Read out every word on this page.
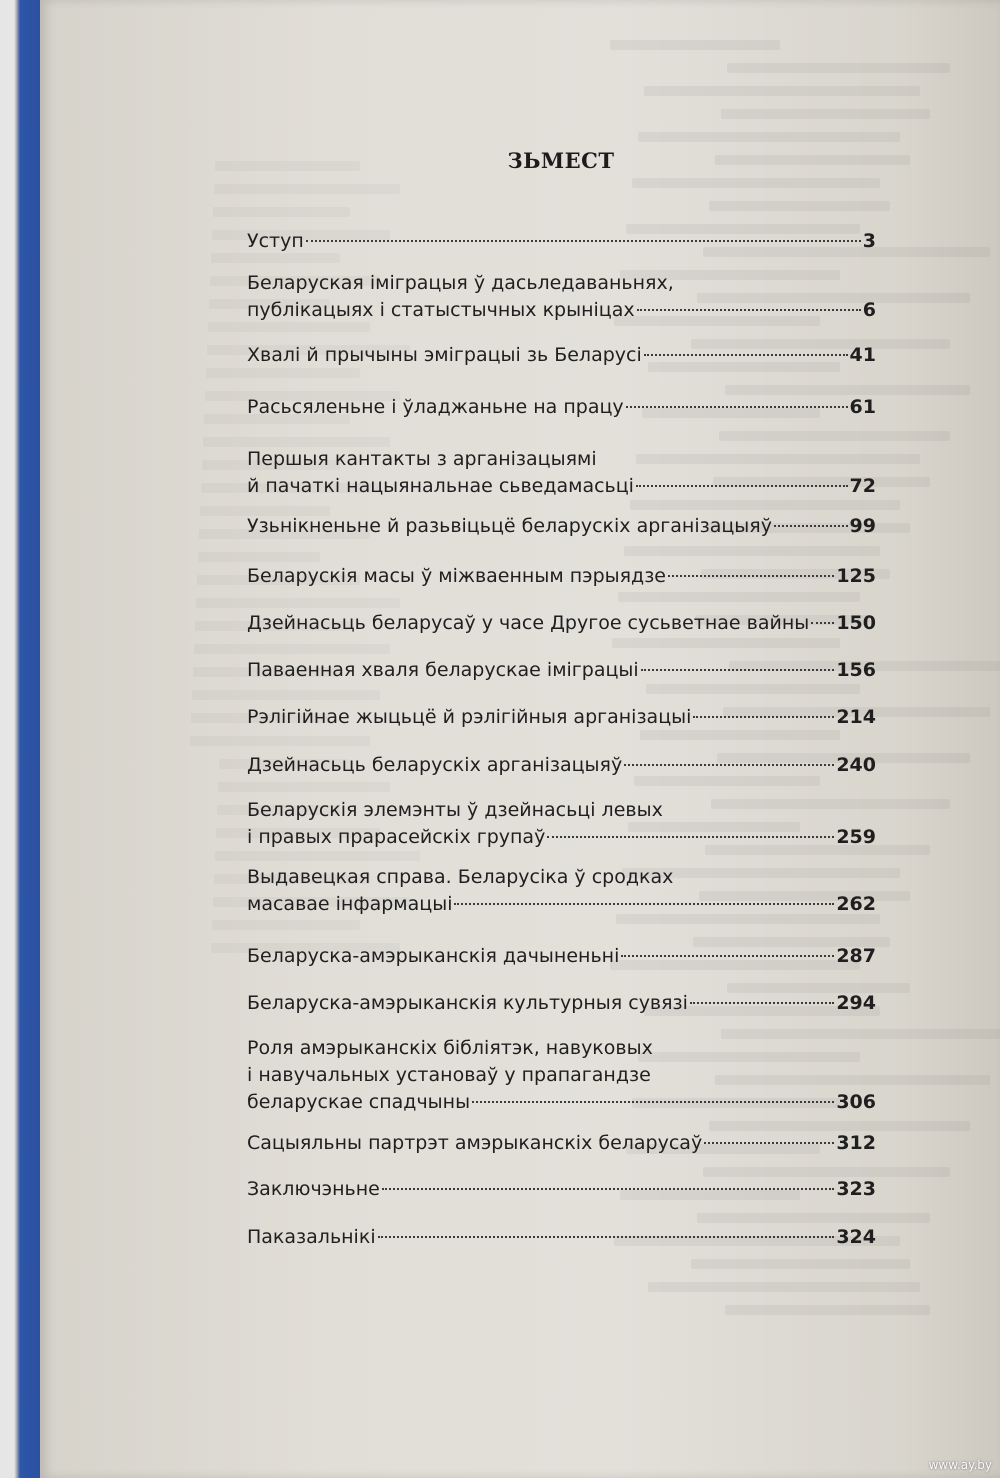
ЗЬМЕСТ
Уступ	3
Беларуская іміграцыя ў дасьледаваньнях,
публікацыях і статыстычных крыніцах	6
Хвалі й прычыны эміграцыі зь Беларусі	41
Расьсяленьне і ўладжаньне на працу	61
Першыя кантакты з арганізацыямі
й пачаткі нацыянальнае сьведамасьці	72
Узьнікненьне й разьвіцьцё беларускіх арганізацыяў	99
Беларускія масы ў міжваенным пэрыядзе	125
Дзейнасьць беларусаў у часе Другое сусьветнае вайны 150
Паваенная хваля беларускае іміграцыі	156
Рэлігійнае жыцьцё й рэлігійныя арганізацыі	214
Дзейнасьць беларускіх арганізацыяў	240
Беларускія элемэнты ў дзейнасьці левых
і правых прарасейскіх групаў	259
Выдавецкая справа. Беларусіка ў сродках
масавае інфармацыі	262
Беларуска-амэрыканскія дачыненьні	287
Беларуска-амэрыканскія культурныя сувязі	294
Роля амэрыканскіх бібліятэк, навуковых
і навучальных установаў у прапагандзе
беларускае спадчыны	306
Сацыяльны партрэт амэрыканскіх беларусаў	312
Заключэньне	323
Паказальнікі	324
www.ay.by
